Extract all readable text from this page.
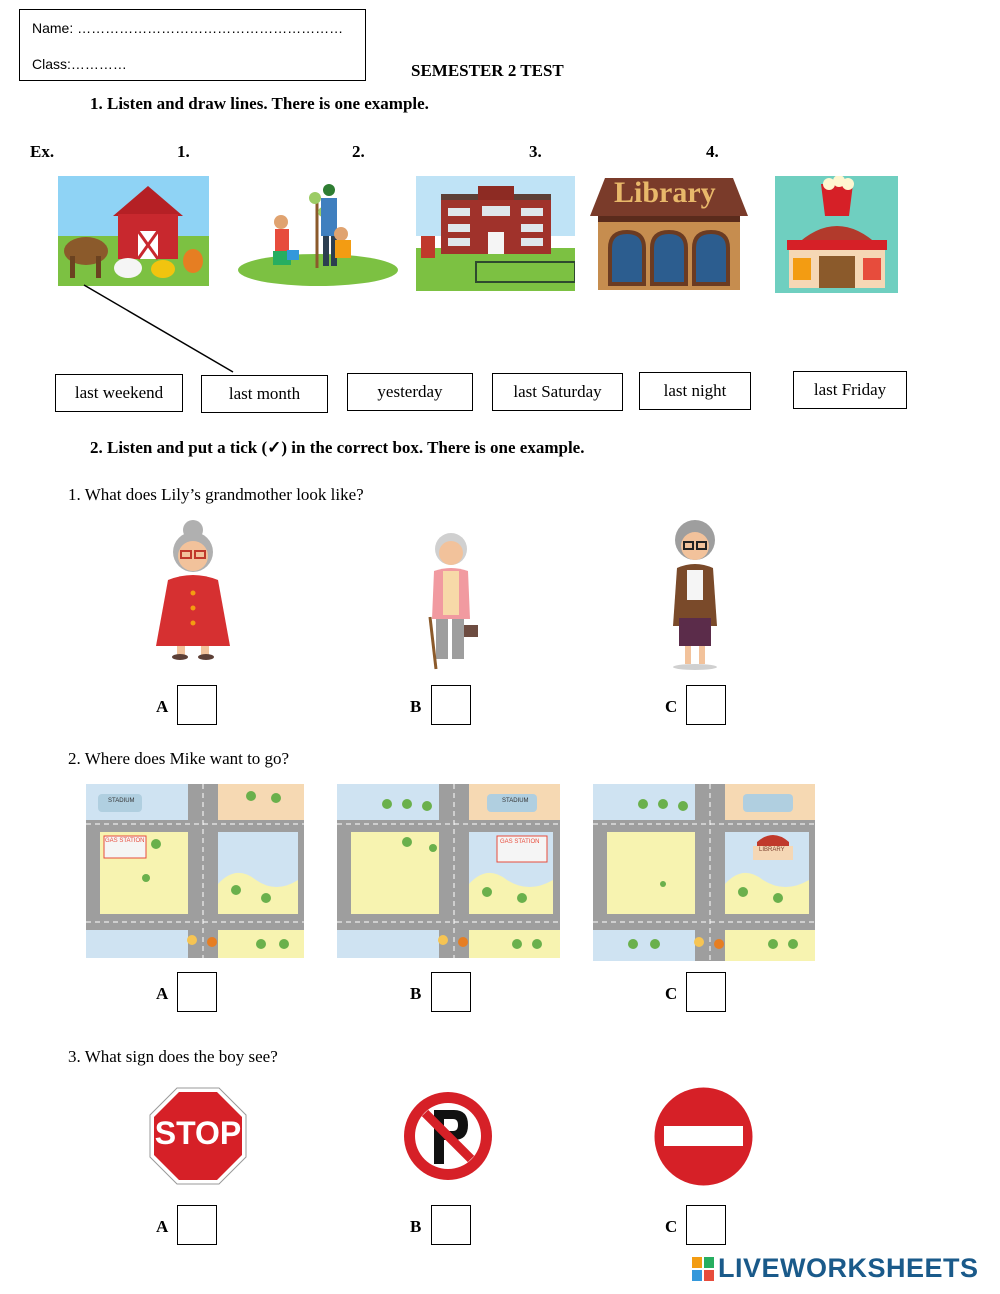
Name: …………………………………………………
Class:…………	SEMESTER 2 TEST
1. Listen and draw lines. There is one example.
Ex.	1.	2.	3.	4.
Library
last weekend	last month	yesterday	last Saturday	last night	last Friday
2. Listen and put a tick (✓) in the correct box. There is one example.
1. What does Lily’s grandmother look like?
A	B	C
2. Where does Mike want to go?
STADIUM
GAS STATION
STADIUM
GAS STATION
LIBRARY
A	B	C
3. What sign does the boy see?
STOP
A	B	C
LIVEWORKSHEETS
